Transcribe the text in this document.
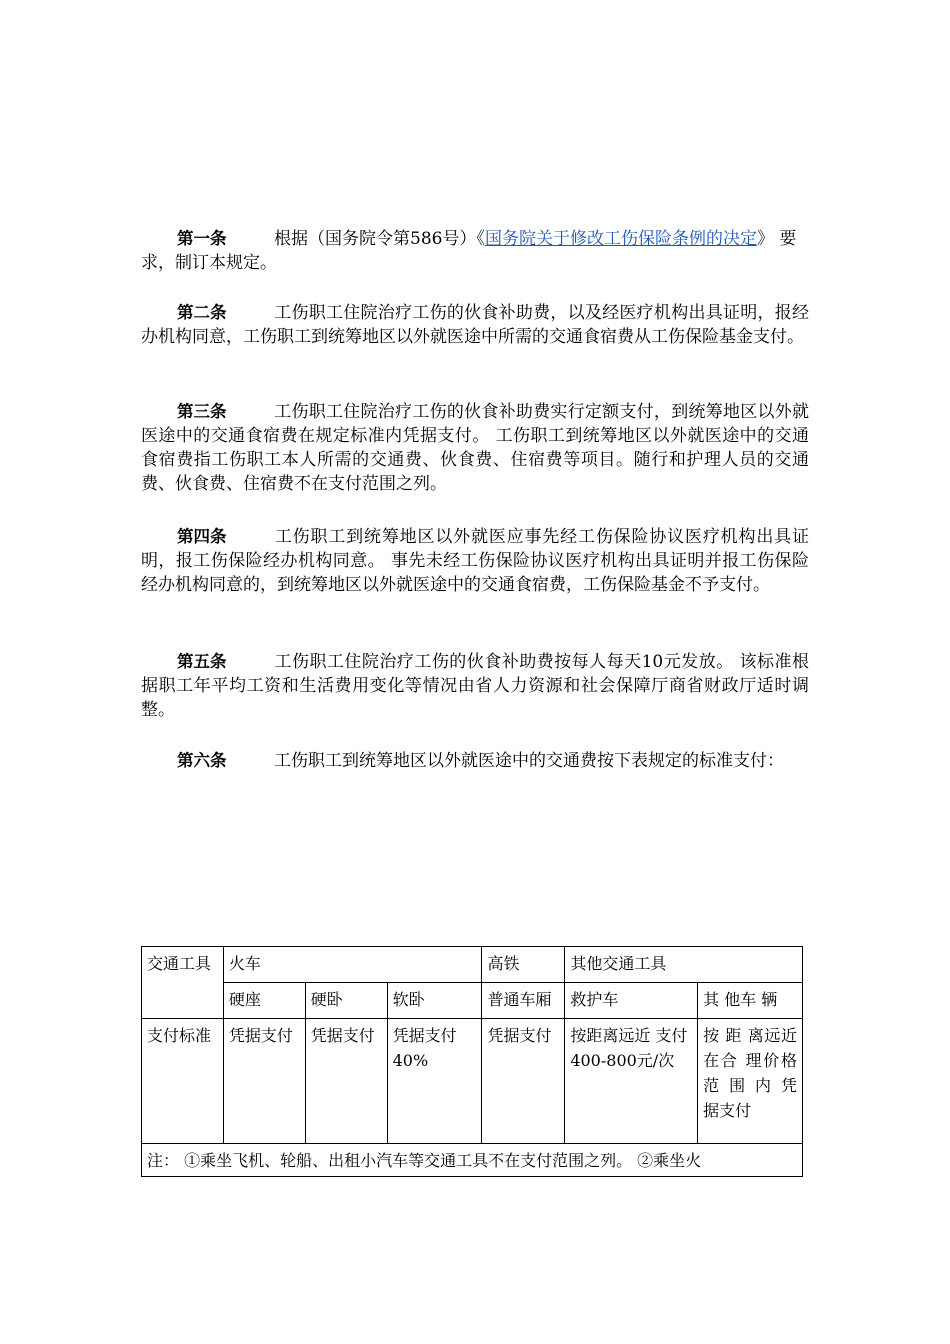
第一条	根据（国务院令第586号）《国务院关于修改工伤保险条例的决定》 要求，制订本规定。
第二条	工伤职工住院治疗工伤的伙食补助费，以及经医疗机构出具证明，报经办机构同意，工伤职工到统筹地区以外就医途中所需的交通食宿费从工伤保险基金支付。
第三条	工伤职工住院治疗工伤的伙食补助费实行定额支付，到统筹地区以外就医途中的交通食宿费在规定标准内凭据支付。 工伤职工到统筹地区以外就医途中的交通食宿费指工伤职工本人所需的交通费、伙食费、住宿费等项目。随行和护理人员的交通费、伙食费、住宿费不在支付范围之列。
第四条	工伤职工到统筹地区以外就医应事先经工伤保险协议医疗机构出具证明，报工伤保险经办机构同意。 事先未经工伤保险协议医疗机构出具证明并报工伤保险经办机构同意的，到统筹地区以外就医途中的交通食宿费，工伤保险基金不予支付。
第五条	工伤职工住院治疗工伤的伙食补助费按每人每天10元发放。 该标准根据职工年平均工资和生活费用变化等情况由省人力资源和社会保障厅商省财政厅适时调整。
第六条	工伤职工到统筹地区以外就医途中的交通费按下表规定的标准支付：
交通工具	火车			高铁	其他交通工具	
	硬座	硬卧	软卧	普通车厢	救护车	其 他车 辆
支付标准	凭据支付	凭据支付	凭据支付40%	凭据支付	按距离远近 支付400-800元/次	按 距 离远近 在合 理价格 范 围 内 凭 据支付
注： ①乘坐飞机、轮船、出租小汽车等交通工具不在支付范围之列。 ②乘坐火						
